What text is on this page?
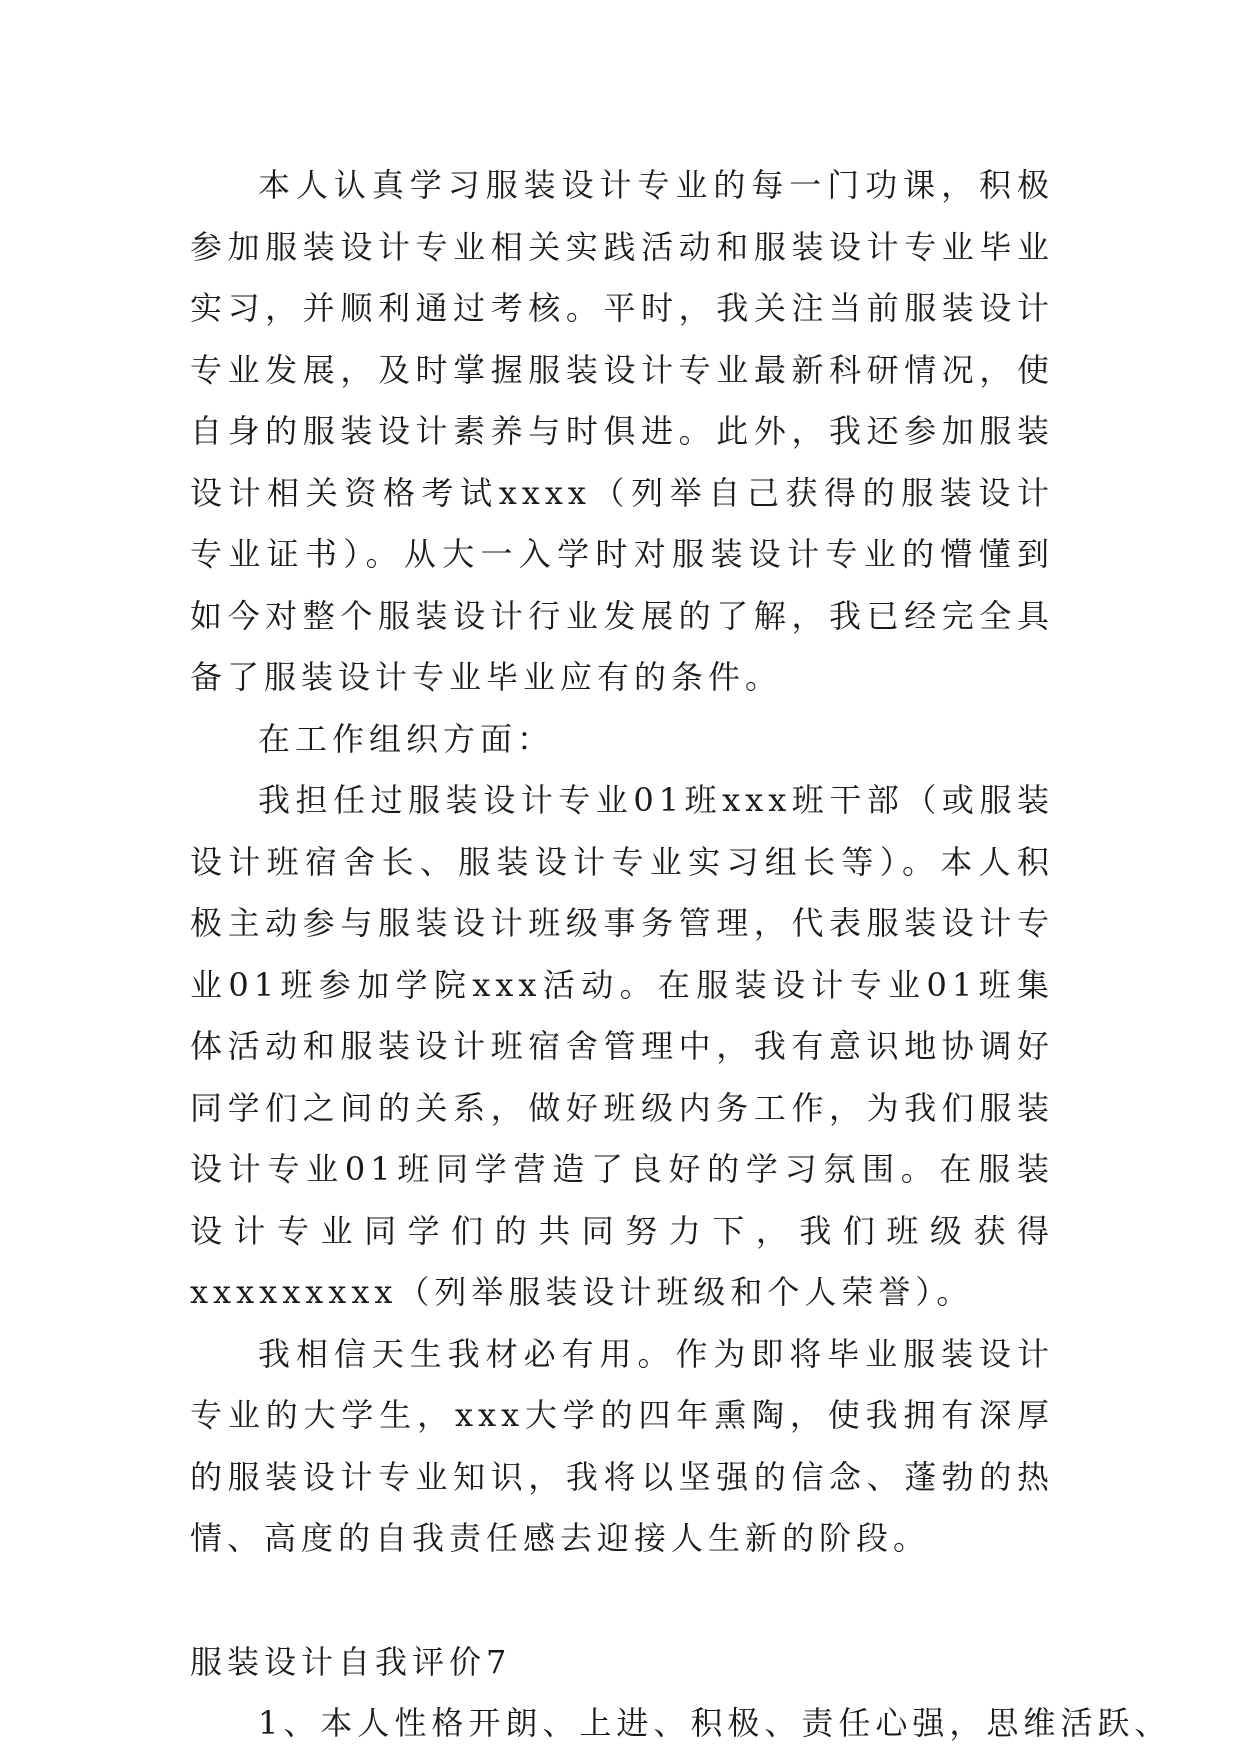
本人认真学习服装设计专业的每一门功课，积极参加服装设计专业相关实践活动和服装设计专业毕业实习，并顺利通过考核。平时，我关注当前服装设计专业发展，及时掌握服装设计专业最新科研情况，使自身的服装设计素养与时俱进。此外，我还参加服装设计相关资格考试xxxx（列举自己获得的服装设计专业证书）。从大一入学时对服装设计专业的懵懂到如今对整个服装设计行业发展的了解，我已经完全具备了服装设计专业毕业应有的条件。

在工作组织方面：

我担任过服装设计专业01班xxx班干部（或服装设计班宿舍长、服装设计专业实习组长等）。本人积极主动参与服装设计班级事务管理，代表服装设计专业01班参加学院xxx活动。在服装设计专业01班集体活动和服装设计班宿舍管理中，我有意识地协调好同学们之间的关系，做好班级内务工作，为我们服装设计专业01班同学营造了良好的学习氛围。在服装设计专业同学们的共同努力下，我们班级获得xxxxxxxxx（列举服装设计班级和个人荣誉）。

我相信天生我材必有用。作为即将毕业服装设计专业的大学生，xxx大学的四年熏陶，使我拥有深厚的服装设计专业知识，我将以坚强的信念、蓬勃的热情、高度的自我责任感去迎接人生新的阶段。

服装设计自我评价7

1、本人性格开朗、上进、积极、责任心强，思维活跃、
